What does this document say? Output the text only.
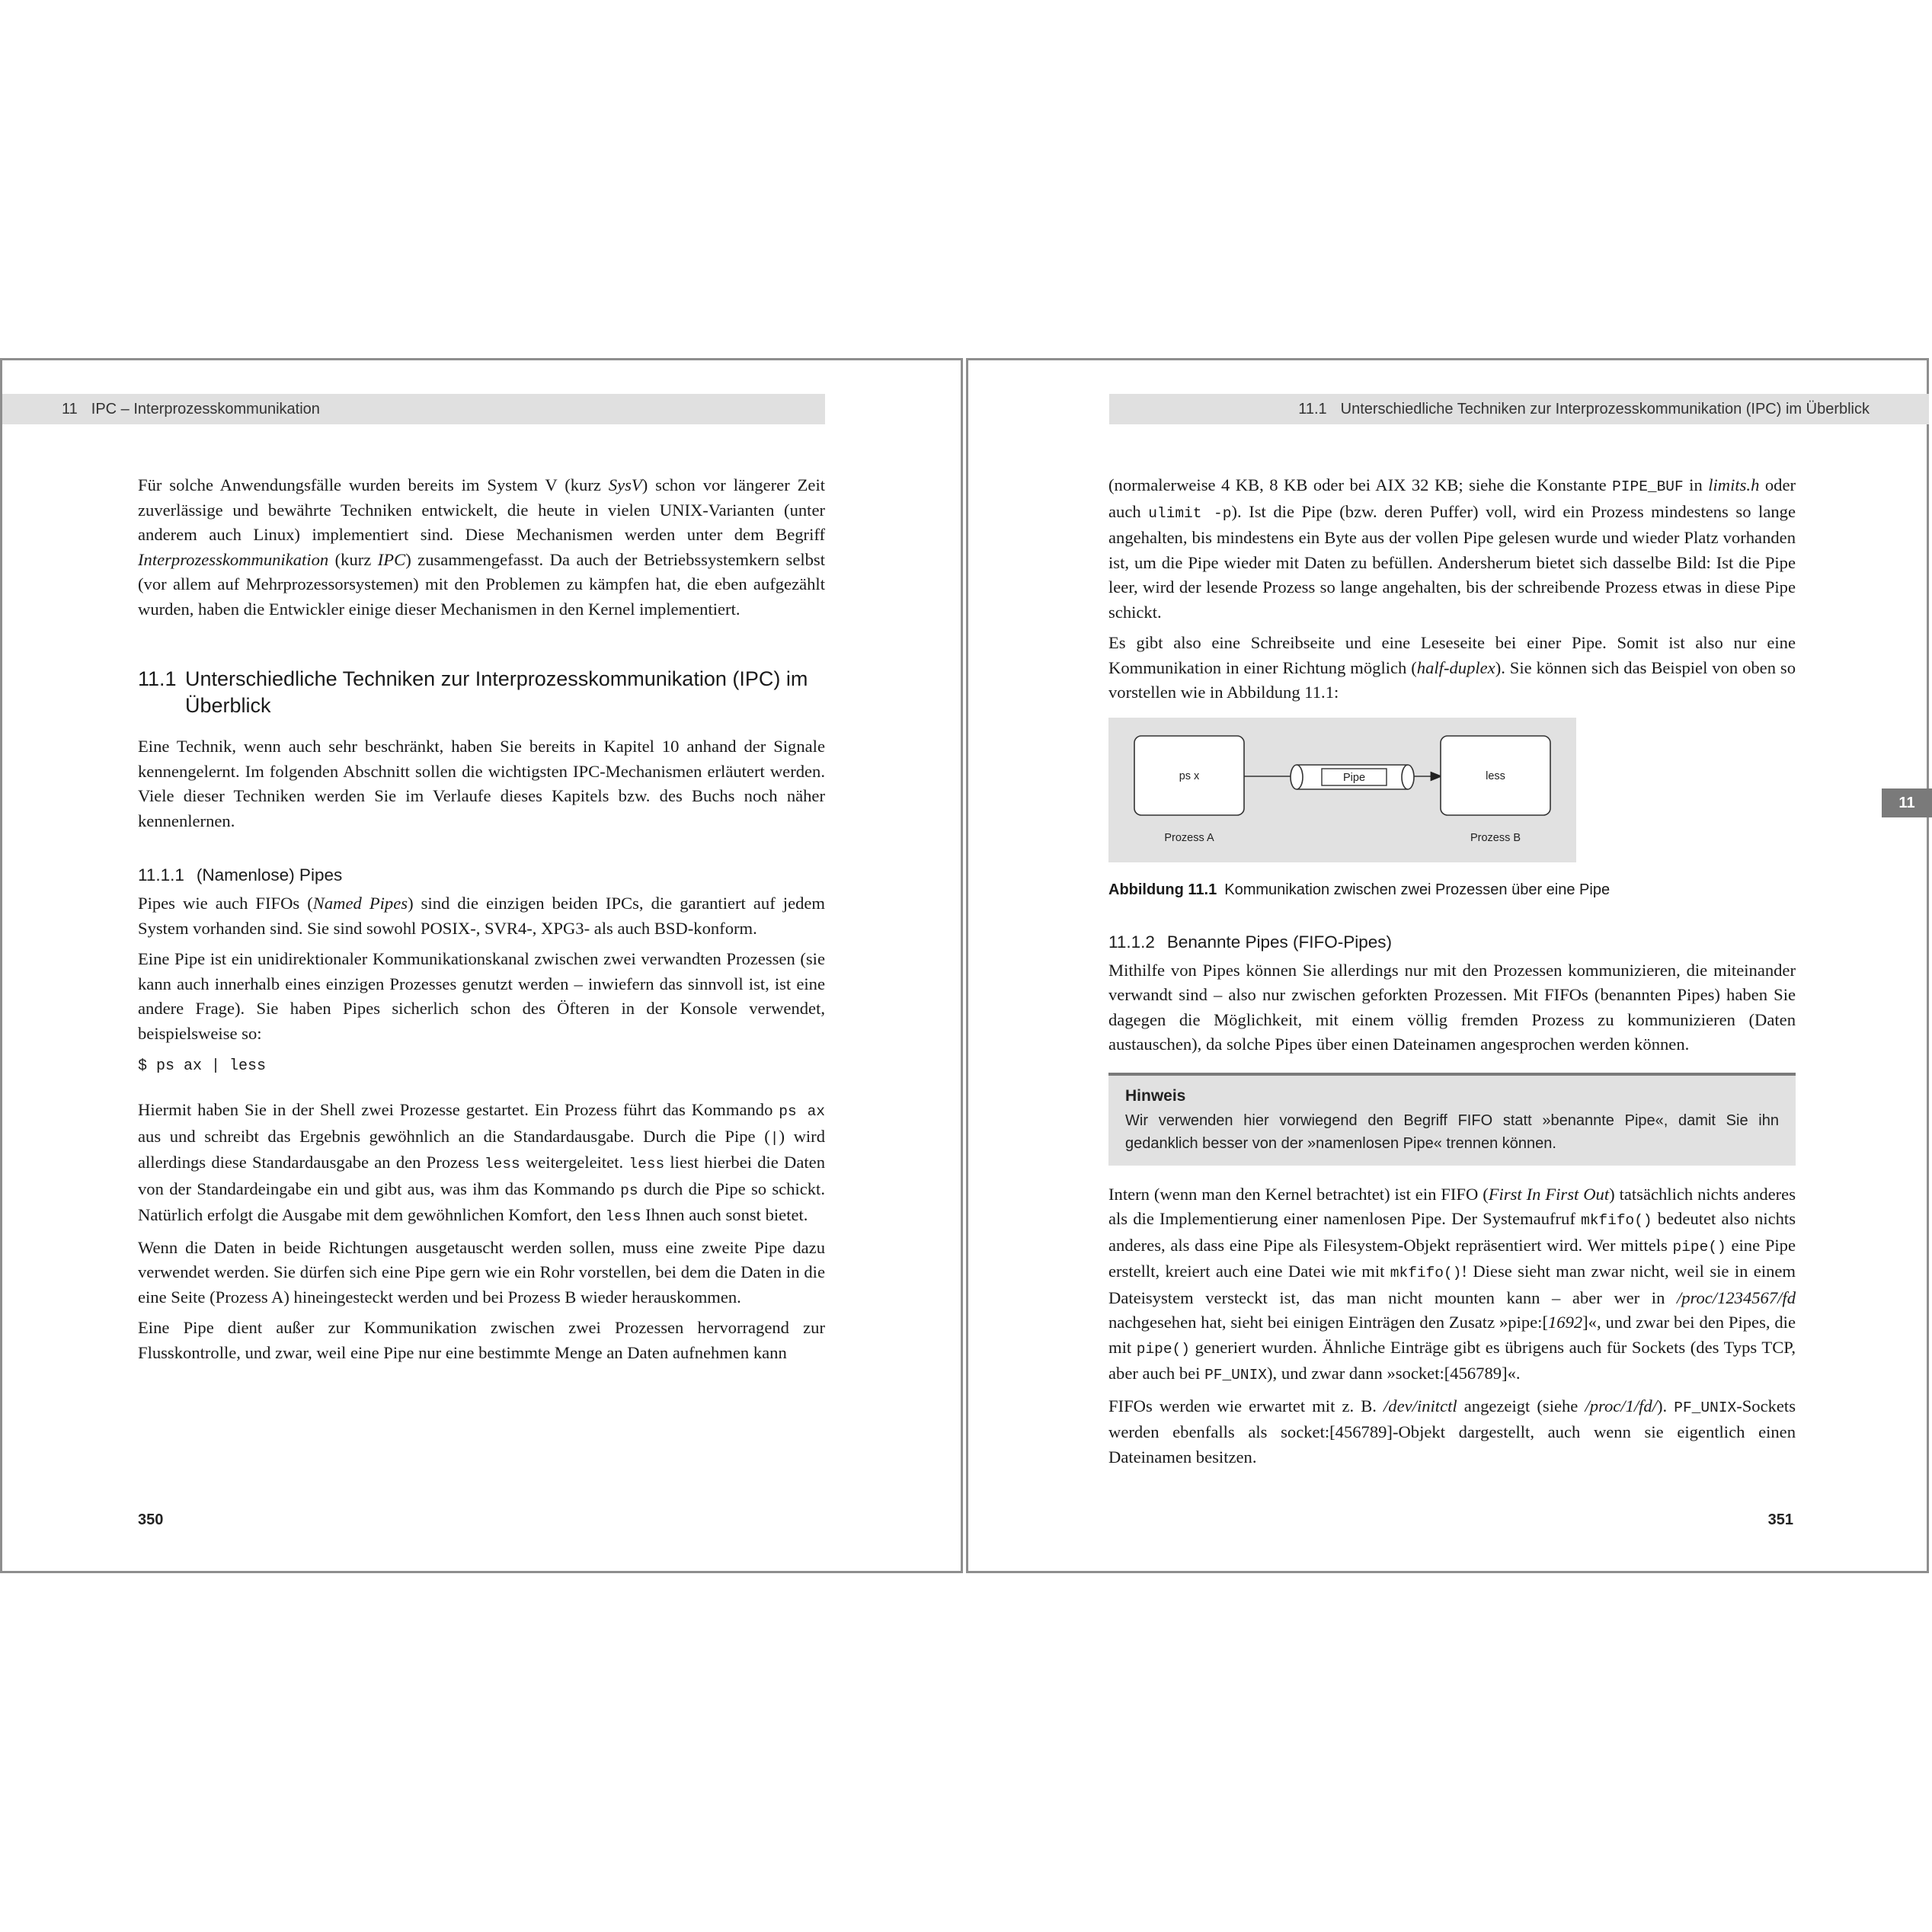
11 IPC – Interprozesskommunikation

Für solche Anwendungsfälle wurden bereits im System V (kurz SysV) schon vor längerer Zeit zuverlässige und bewährte Techniken entwickelt, die heute in vielen UNIX-Varianten (unter anderem auch Linux) implementiert sind. Diese Mechanismen werden unter dem Begriff Interprozesskommunikation (kurz IPC) zusammengefasst. Da auch der Betriebssystemkern selbst (vor allem auf Mehrprozessorsystemen) mit den Problemen zu kämpfen hat, die eben aufgezählt wurden, haben die Entwickler einige dieser Mechanismen in den Kernel implementiert.

11.1 Unterschiedliche Techniken zur Interprozesskommunikation (IPC) im Überblick

Eine Technik, wenn auch sehr beschränkt, haben Sie bereits in Kapitel 10 anhand der Signale kennengelernt. Im folgenden Abschnitt sollen die wichtigsten IPC-Mechanismen erläutert werden. Viele dieser Techniken werden Sie im Verlaufe dieses Kapitels bzw. des Buchs noch näher kennenlernen.

11.1.1 (Namenlose) Pipes

Pipes wie auch FIFOs (Named Pipes) sind die einzigen beiden IPCs, die garantiert auf jedem System vorhanden sind. Sie sind sowohl POSIX-, SVR4-, XPG3- als auch BSD-konform.

Eine Pipe ist ein unidirektionaler Kommunikationskanal zwischen zwei verwandten Prozessen (sie kann auch innerhalb eines einzigen Prozesses genutzt werden – inwiefern das sinnvoll ist, ist eine andere Frage). Sie haben Pipes sicherlich schon des Öfteren in der Konsole verwendet, beispielsweise so:

$ ps ax | less

Hiermit haben Sie in der Shell zwei Prozesse gestartet. Ein Prozess führt das Kommando ps ax aus und schreibt das Ergebnis gewöhnlich an die Standardausgabe. Durch die Pipe (|) wird allerdings diese Standardausgabe an den Prozess less weitergeleitet. less liest hierbei die Daten von der Standardeingabe ein und gibt aus, was ihm das Kommando ps durch die Pipe so schickt. Natürlich erfolgt die Ausgabe mit dem gewöhnlichen Komfort, den less Ihnen auch sonst bietet.

Wenn die Daten in beide Richtungen ausgetauscht werden sollen, muss eine zweite Pipe dazu verwendet werden. Sie dürfen sich eine Pipe gern wie ein Rohr vorstellen, bei dem die Daten in die eine Seite (Prozess A) hineingesteckt werden und bei Prozess B wieder herauskommen.

Eine Pipe dient außer zur Kommunikation zwischen zwei Prozessen hervorragend zur Flusskontrolle, und zwar, weil eine Pipe nur eine bestimmte Menge an Daten aufnehmen kann

350
11.1 Unterschiedliche Techniken zur Interprozesskommunikation (IPC) im Überblick

(normalerweise 4 KB, 8 KB oder bei AIX 32 KB; siehe die Konstante PIPE_BUF in limits.h oder auch ulimit -p). Ist die Pipe (bzw. deren Puffer) voll, wird ein Prozess mindestens so lange angehalten, bis mindestens ein Byte aus der vollen Pipe gelesen wurde und wieder Platz vorhanden ist, um die Pipe wieder mit Daten zu befüllen. Andersherum bietet sich dasselbe Bild: Ist die Pipe leer, wird der lesende Prozess so lange angehalten, bis der schreibende Prozess etwas in diese Pipe schickt.

Es gibt also eine Schreibseite und eine Leseseite bei einer Pipe. Somit ist also nur eine Kommunikation in einer Richtung möglich (half-duplex). Sie können sich das Beispiel von oben so vorstellen wie in Abbildung 11.1:

ps x	Pipe	less
Prozess A	Prozess B
Abbildung 11.1 Kommunikation zwischen zwei Prozessen über eine Pipe
11.1.2 Benannte Pipes (FIFO-Pipes)

Mithilfe von Pipes können Sie allerdings nur mit den Prozessen kommunizieren, die miteinander verwandt sind – also nur zwischen geforkten Prozessen. Mit FIFOs (benannten Pipes) haben Sie dagegen die Möglichkeit, mit einem völlig fremden Prozess zu kommunizieren (Daten austauschen), da solche Pipes über einen Dateinamen angesprochen werden können.

Hinweis
Wir verwenden hier vorwiegend den Begriff FIFO statt »benannte Pipe«, damit Sie ihn gedanklich besser von der »namenlosen Pipe« trennen können.

Intern (wenn man den Kernel betrachtet) ist ein FIFO (First In First Out) tatsächlich nichts anderes als die Implementierung einer namenlosen Pipe. Der Systemaufruf mkfifo() bedeutet also nichts anderes, als dass eine Pipe als Filesystem-Objekt repräsentiert wird. Wer mittels pipe() eine Pipe erstellt, kreiert auch eine Datei wie mit mkfifo()! Diese sieht man zwar nicht, weil sie in einem Dateisystem versteckt ist, das man nicht mounten kann – aber wer in /proc/1234567/fd nachgesehen hat, sieht bei einigen Einträgen den Zusatz »pipe:[1692]«, und zwar bei den Pipes, die mit pipe() generiert wurden. Ähnliche Einträge gibt es übrigens auch für Sockets (des Typs TCP, aber auch bei PF_UNIX), und zwar dann »socket:[456789]«.

FIFOs werden wie erwartet mit z. B. /dev/initctl angezeigt (siehe /proc/1/fd/). PF_UNIX-Sockets werden ebenfalls als socket:[456789]-Objekt dargestellt, auch wenn sie eigentlich einen Dateinamen besitzen.

351
11
